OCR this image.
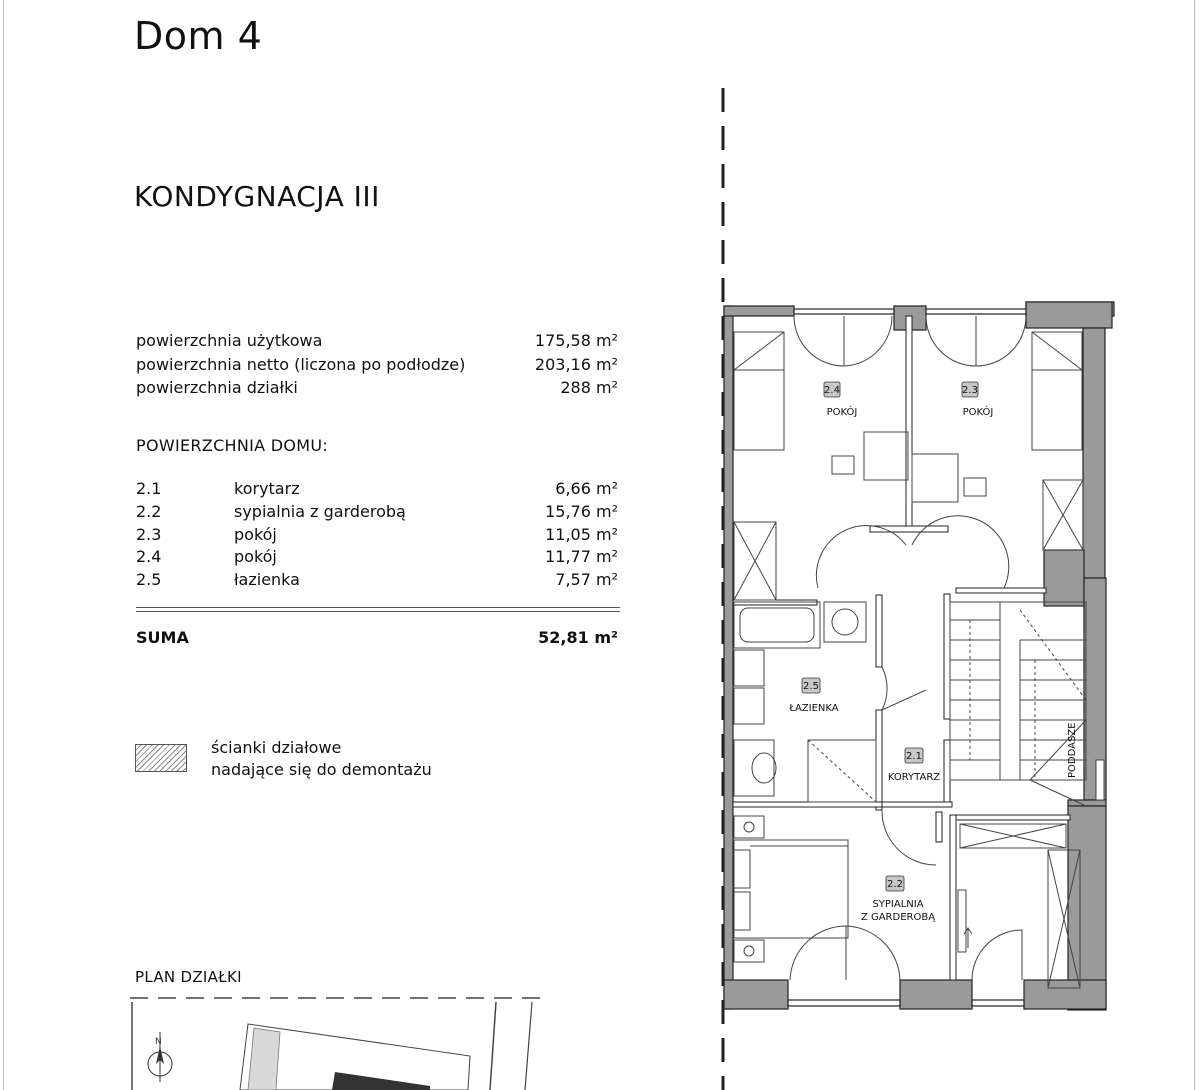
Dom 4
KONDYGNACJA III
powierzchnia użytkowa	175,58 m²
powierzchnia netto (liczona po podłodze)	203,16 m²
powierzchnia działki	288 m²
POWIERZCHNIA DOMU:
2.1	korytarz	6,66 m²
2.2	sypialnia z garderobą	15,76 m²
2.3	pokój	11,05 m²
2.4	pokój	11,77 m²
2.5	łazienka	7,57 m²
SUMA	52,81 m²
ścianki działowe
nadające się do demontażu
PLAN DZIAŁKI
N
2.4
POKÓJ
2.3
POKÓJ
2.5
ŁAZIENKA
2.1
KORYTARZ
2.2
SYPIALNIA
Z GARDEROBĄ
PODDASZE
